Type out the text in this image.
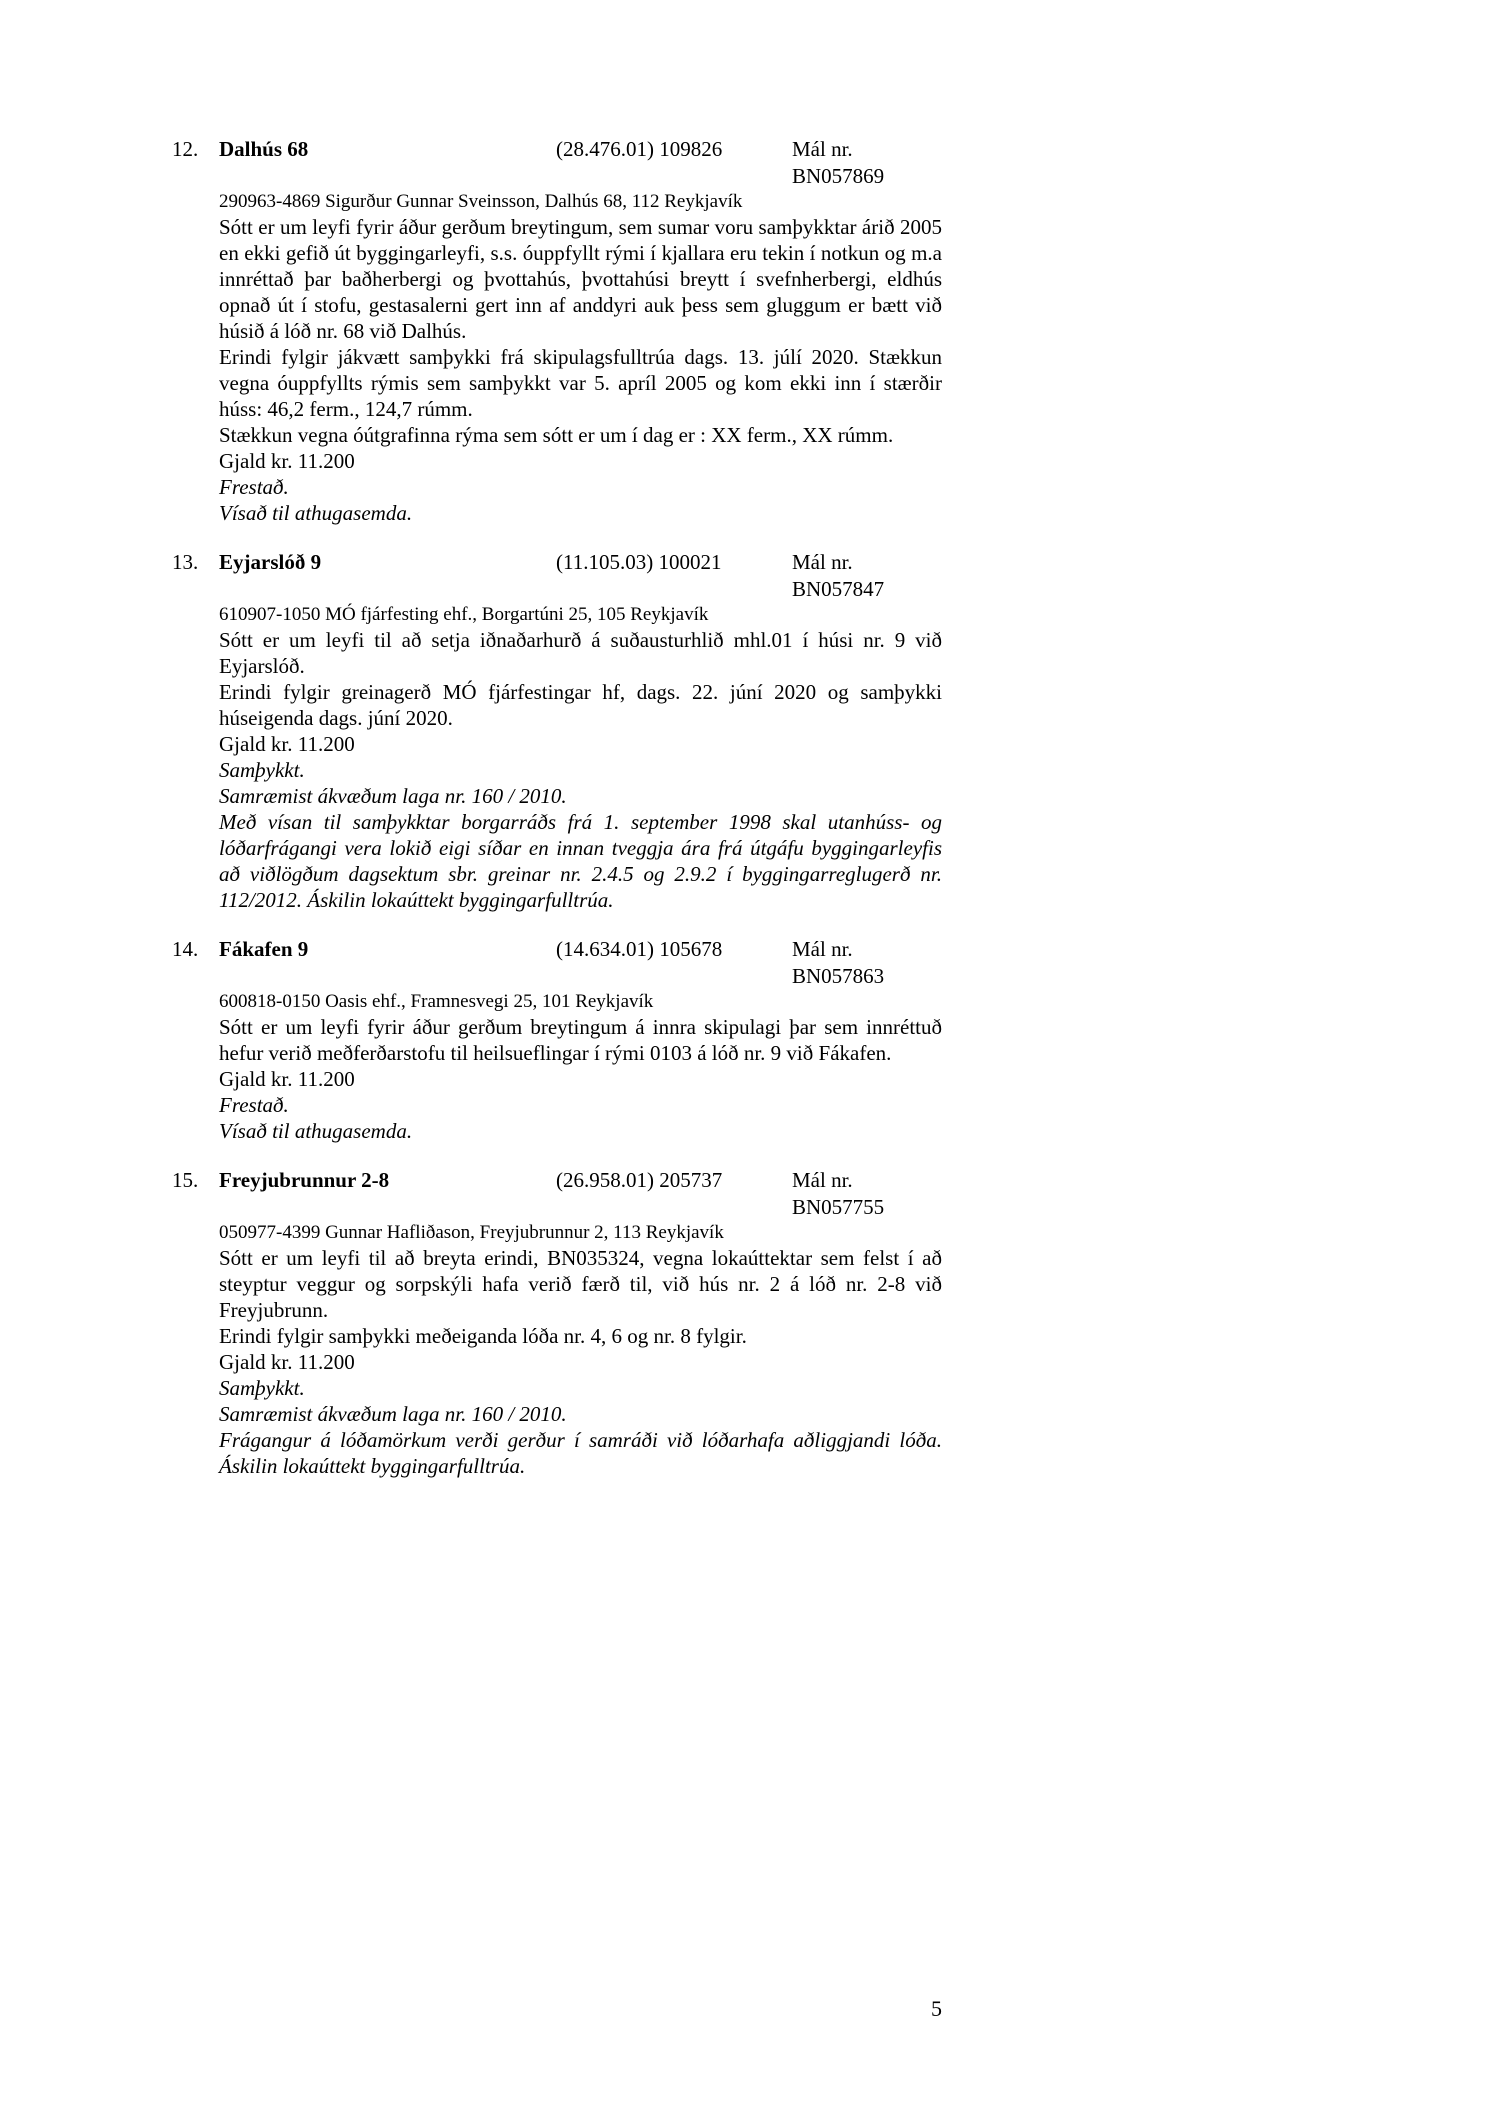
12. Dalhús 68	(28.476.01) 109826	Mál nr. BN057869
290963-4869 Sigurður Gunnar Sveinsson, Dalhús 68, 112 Reykjavík

Sótt er um leyfi fyrir áður gerðum breytingum, sem sumar voru samþykktar árið 2005 en ekki gefið út byggingarleyfi, s.s. óuppfyllt rými í kjallara eru tekin í notkun og m.a innréttað þar baðherbergi og þvottahús, þvottahúsi breytt í svefnherbergi, eldhús opnað út í stofu, gestasalerni gert inn af anddyri auk þess sem gluggum er bætt við húsið á lóð nr. 68 við Dalhús.

Erindi fylgir jákvætt samþykki frá skipulagsfulltrúa dags. 13. júlí 2020. Stækkun vegna óuppfyllts rýmis sem samþykkt var 5. apríl 2005 og kom ekki inn í stærðir húss: 46,2 ferm., 124,7 rúmm.

Stækkun vegna óútgrafinna rýma sem sótt er um í dag er : XX ferm., XX rúmm.

Gjald kr. 11.200

Frestað.

Vísað til athugasemda.

13. Eyjarslóð 9	(11.105.03) 100021	Mál nr. BN057847
610907-1050 MÓ fjárfesting ehf., Borgartúni 25, 105 Reykjavík

Sótt er um leyfi til að setja iðnaðarhurð á suðausturhlið mhl.01 í húsi nr. 9 við Eyjarslóð.

Erindi fylgir greinagerð MÓ fjárfestingar hf, dags. 22. júní 2020 og samþykki húseigenda dags. júní 2020.

Gjald kr. 11.200

Samþykkt.

Samræmist ákvæðum laga nr. 160 / 2010.

Með vísan til samþykktar borgarráðs frá 1. september 1998 skal utanhúss- og lóðarfrágangi vera lokið eigi síðar en innan tveggja ára frá útgáfu byggingarleyfis að viðlögðum dagsektum sbr. greinar nr. 2.4.5 og 2.9.2 í byggingarreglugerð nr. 112/2012. Áskilin lokaúttekt byggingarfulltrúa.

14. Fákafen 9	(14.634.01) 105678	Mál nr. BN057863
600818-0150 Oasis ehf., Framnesvegi 25, 101 Reykjavík

Sótt er um leyfi fyrir áður gerðum breytingum á innra skipulagi þar sem innréttuð hefur verið meðferðarstofu til heilsueflingar í rými 0103 á lóð nr. 9 við Fákafen.

Gjald kr. 11.200

Frestað.

Vísað til athugasemda.

15. Freyjubrunnur 2-8	(26.958.01) 205737	Mál nr. BN057755
050977-4399 Gunnar Hafliðason, Freyjubrunnur 2, 113 Reykjavík

Sótt er um leyfi til að breyta erindi, BN035324, vegna lokaúttektar sem felst í að steyptur veggur og sorpskýli hafa verið færð til, við hús nr. 2 á lóð nr. 2-8 við Freyjubrunn.

Erindi fylgir samþykki meðeiganda lóða nr. 4, 6 og nr. 8 fylgir.

Gjald kr. 11.200

Samþykkt.

Samræmist ákvæðum laga nr. 160 / 2010.

Frágangur á lóðamörkum verði gerður í samráði við lóðarhafa aðliggjandi lóða. Áskilin lokaúttekt byggingarfulltrúa.

5
